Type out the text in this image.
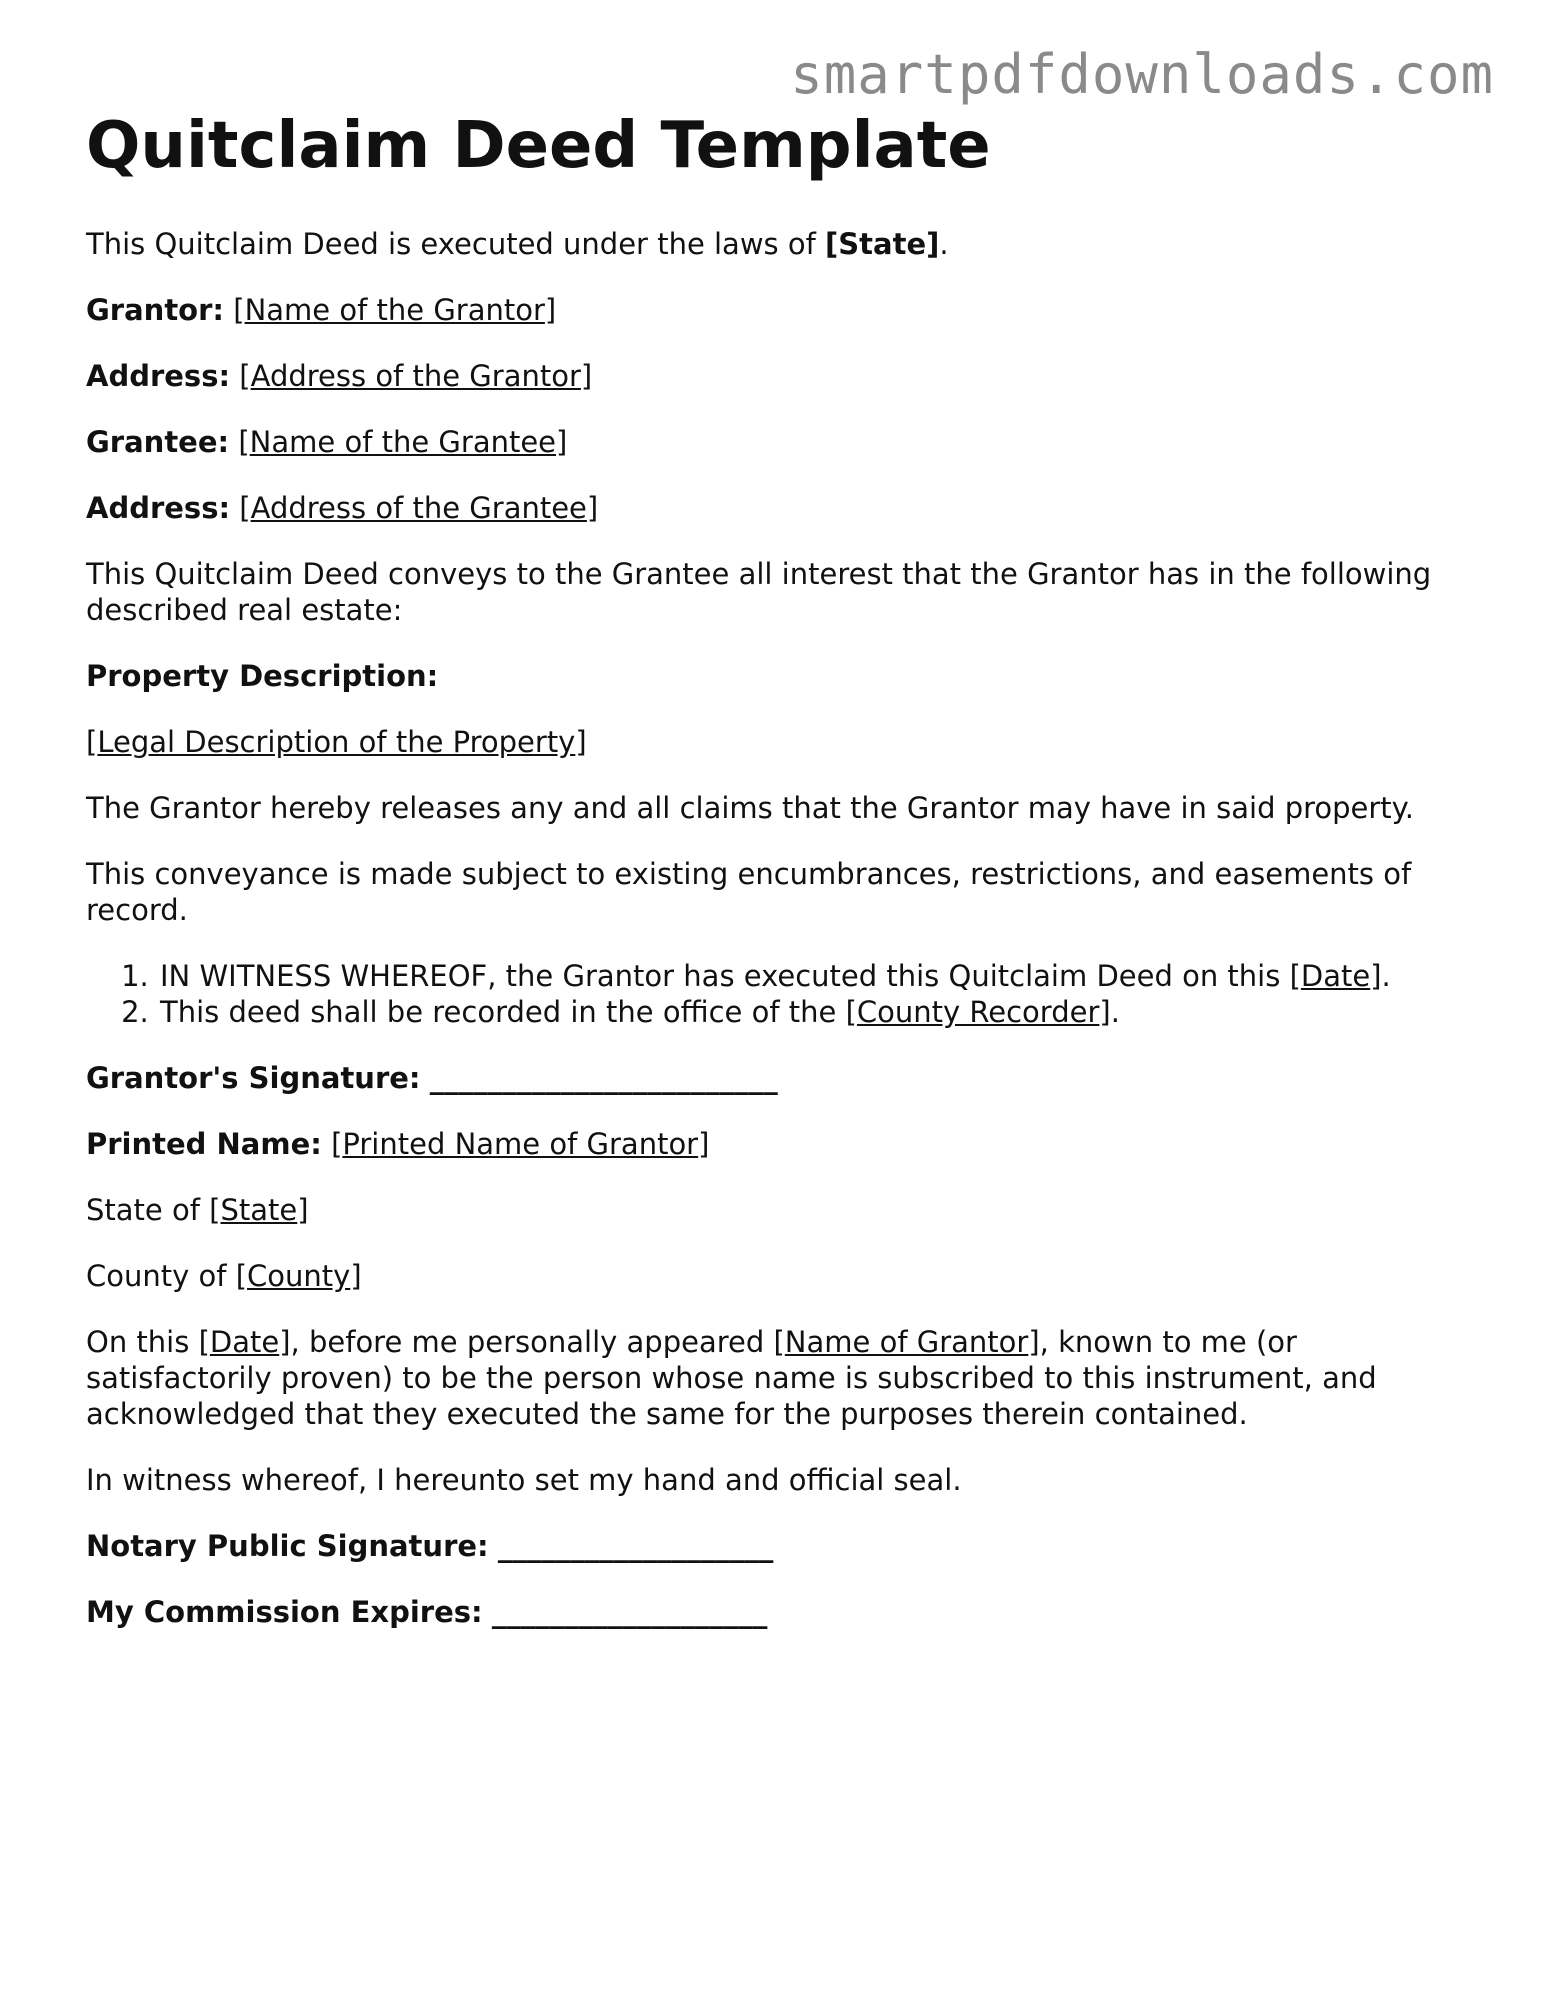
smartpdfdownloads.com
Quitclaim Deed Template

This Quitclaim Deed is executed under the laws of [State].

Grantor: [Name of the Grantor]

Address: [Address of the Grantor]

Grantee: [Name of the Grantee]

Address: [Address of the Grantee]

This Quitclaim Deed conveys to the Grantee all interest that the Grantor has in the following described real estate:

Property Description:

[Legal Description of the Property]

The Grantor hereby releases any and all claims that the Grantor may have in said property.

This conveyance is made subject to existing encumbrances, restrictions, and easements of record.

1. IN WITNESS WHEREOF, the Grantor has executed this Quitclaim Deed on this [Date].
2. This deed shall be recorded in the office of the [County Recorder].

Grantor's Signature: ________________________

Printed Name: [Printed Name of Grantor]

State of [State]

County of [County]

On this [Date], before me personally appeared [Name of Grantor], known to me (or satisfactorily proven) to be the person whose name is subscribed to this instrument, and acknowledged that they executed the same for the purposes therein contained.

In witness whereof, I hereunto set my hand and official seal.

Notary Public Signature: ___________________

My Commission Expires: ___________________
